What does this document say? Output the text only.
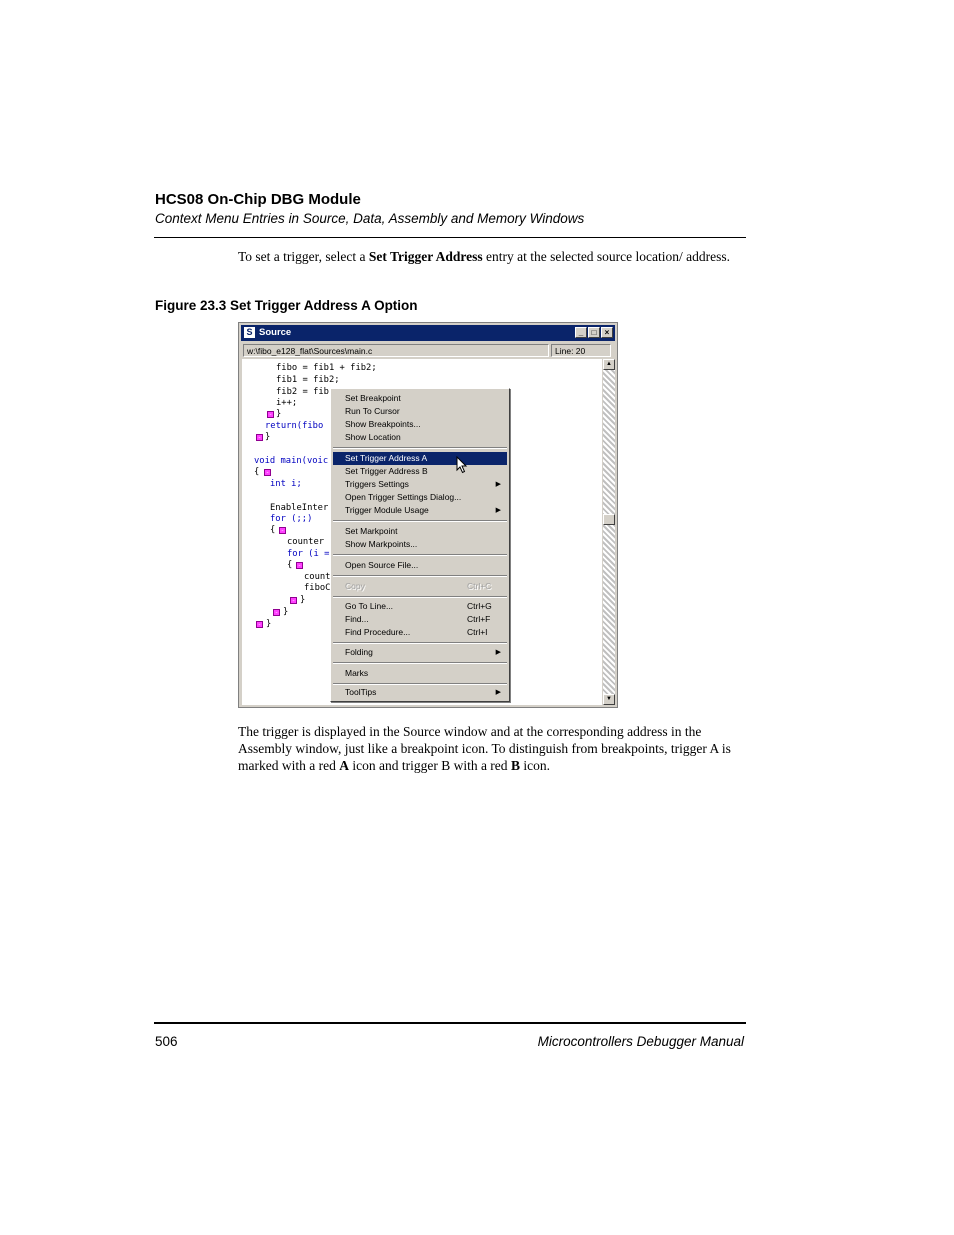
HCS08 On-Chip DBG Module
Context Menu Entries in Source, Data, Assembly and Memory Windows
To set a trigger, select a Set Trigger Address entry at the selected source location/ address.
Figure 23.3 Set Trigger Address A Option
S Source	_	□	×
w:\fibo_e128_flat\Sources\main.c	Line: 20
fibo = fib1 + fib2;
fib1 = fib2;
fib2 = fib
i++;
- }
return(fibo
- }
void main(voic
{	-
int i;
EnableInter
for (;;)
{	-
counter
for (i =
{	-
count
fiboC
- }
- }
- }
▲
▼
Set Breakpoint
Run To Cursor
Show Breakpoints...
Show Location
Set Trigger Address A
Set Trigger Address B
Triggers Settings	▶
Open Trigger Settings Dialog...
Trigger Module Usage	▶
Set Markpoint
Show Markpoints...
Open Source File...
Copy	Ctrl+C
Go To Line...	Ctrl+G
Find...	Ctrl+F
Find Procedure...	Ctrl+I
Folding	▶
Marks
ToolTips	▶
The trigger is displayed in the Source window and at the corresponding address in the Assembly window, just like a breakpoint icon. To distinguish from breakpoints, trigger A is marked with a red A icon and trigger B with a red B icon.
506	Microcontrollers Debugger Manual
